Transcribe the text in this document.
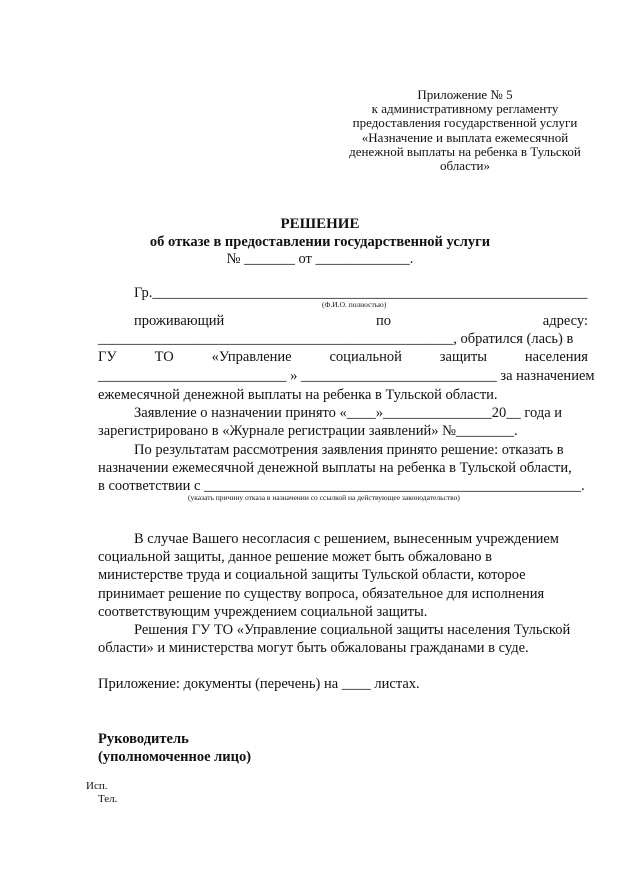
Приложение № 5
к административному регламенту
предоставления государственной услуги
«Назначение и выплата ежемесячной
денежной выплаты на ребенка в Тульской
области»
РЕШЕНИЕ
об отказе в предоставлении государственной услуги
№ _______ от _____________.
Гр.____________________________________________________________
(Ф.И.О. полностью)
проживающий	по	адресу:
_________________________________________________, обратился (лась) в
ГУ	ТО	«Управление	социальной	защиты	населения
__________________________ » ___________________________ за назначением
ежемесячной денежной выплаты на ребенка в Тульской области.
Заявление о назначении принято «____»_______________20__ года и
зарегистрировано в «Журнале регистрации заявлений» №________.
По результатам рассмотрения заявления принято решение: отказать в
назначении ежемесячной денежной выплаты на ребенка в Тульской области,
в соответствии с ____________________________________________________.
(указать причину отказа в назначении со ссылкой на действующее законодательство)
В случае Вашего несогласия с решением, вынесенным учреждением
социальной защиты, данное решение может быть обжаловано в
министерстве труда и социальной защиты Тульской области, которое
принимает решение по существу вопроса, обязательное для исполнения
соответствующим учреждением социальной защиты.
Решения ГУ ТО «Управление социальной защиты населения Тульской
области» и министерства могут быть обжалованы гражданами в суде.
Приложение: документы (перечень) на ____ листах.
Руководитель
(уполномоченное лицо)
Исп.
Тел.
